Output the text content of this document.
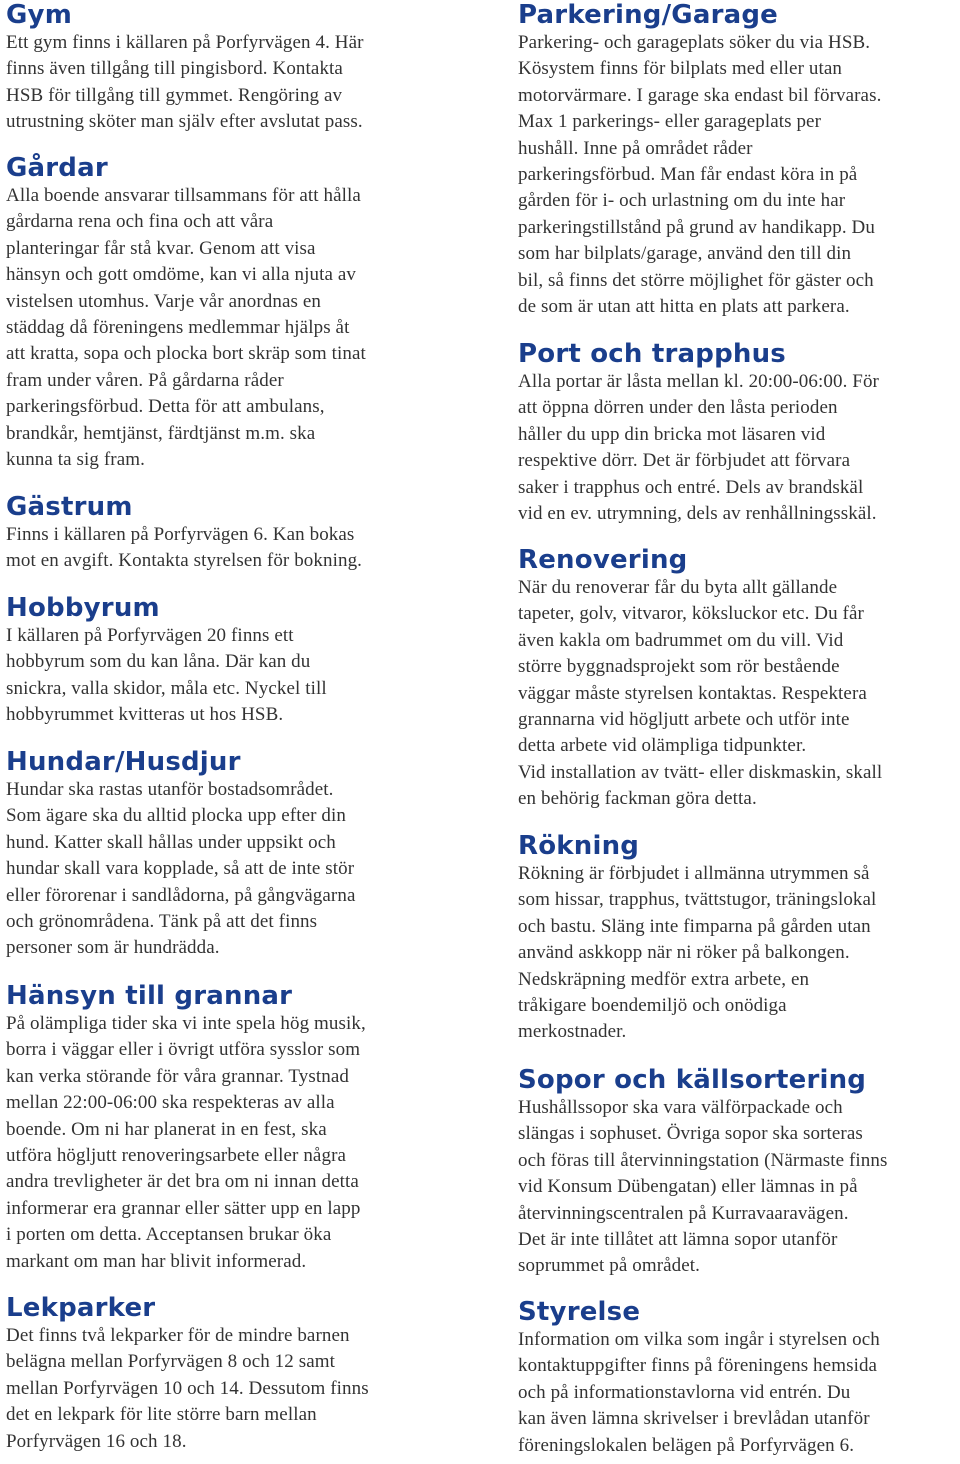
Gym

Ett gym finns i källaren på Porfyrvägen 4. Här
finns även tillgång till pingisbord. Kontakta
HSB för tillgång till gymmet. Rengöring av
utrustning sköter man själv efter avslutat pass.

Gårdar

Alla boende ansvarar tillsammans för att hålla
gårdarna rena och fina och att våra
planteringar får stå kvar. Genom att visa
hänsyn och gott omdöme, kan vi alla njuta av
vistelsen utomhus. Varje vår anordnas en
städdag då föreningens medlemmar hjälps åt
att kratta, sopa och plocka bort skräp som tinat
fram under våren. På gårdarna råder
parkeringsförbud. Detta för att ambulans,
brandkår, hemtjänst, färdtjänst m.m. ska
kunna ta sig fram.

Gästrum

Finns i källaren på Porfyrvägen 6. Kan bokas
mot en avgift. Kontakta styrelsen för bokning.

Hobbyrum

I källaren på Porfyrvägen 20 finns ett
hobbyrum som du kan låna. Där kan du
snickra, valla skidor, måla etc. Nyckel till
hobbyrummet kvitteras ut hos HSB.

Hundar/Husdjur

Hundar ska rastas utanför bostadsområdet.
Som ägare ska du alltid plocka upp efter din
hund. Katter skall hållas under uppsikt och
hundar skall vara kopplade, så att de inte stör
eller förorenar i sandlådorna, på gångvägarna
och grönområdena. Tänk på att det finns
personer som är hundrädda.

Hänsyn till grannar

På olämpliga tider ska vi inte spela hög musik,
borra i väggar eller i övrigt utföra sysslor som
kan verka störande för våra grannar. Tystnad
mellan 22:00-06:00 ska respekteras av alla
boende. Om ni har planerat in en fest, ska
utföra högljutt renoveringsarbete eller några
andra trevligheter är det bra om ni innan detta
informerar era grannar eller sätter upp en lapp
i porten om detta. Acceptansen brukar öka
markant om man har blivit informerad.

Lekparker

Det finns två lekparker för de mindre barnen
belägna mellan Porfyrvägen 8 och 12 samt
mellan Porfyrvägen 10 och 14. Dessutom finns
det en lekpark för lite större barn mellan
Porfyrvägen 16 och 18.

Parkering/Garage

Parkering- och garageplats söker du via HSB.
Kösystem finns för bilplats med eller utan
motorvärmare. I garage ska endast bil förvaras.
Max 1 parkerings- eller garageplats per
hushåll. Inne på området råder
parkeringsförbud. Man får endast köra in på
gården för i- och urlastning om du inte har
parkeringstillstånd på grund av handikapp. Du
som har bilplats/garage, använd den till din
bil, så finns det större möjlighet för gäster och
de som är utan att hitta en plats att parkera.

Port och trapphus

Alla portar är låsta mellan kl. 20:00-06:00. För
att öppna dörren under den låsta perioden
håller du upp din bricka mot läsaren vid
respektive dörr. Det är förbjudet att förvara
saker i trapphus och entré. Dels av brandskäl
vid en ev. utrymning, dels av renhållningsskäl.

Renovering

När du renoverar får du byta allt gällande
tapeter, golv, vitvaror, köksluckor etc. Du får
även kakla om badrummet om du vill. Vid
större byggnadsprojekt som rör bestående
väggar måste styrelsen kontaktas. Respektera
grannarna vid högljutt arbete och utför inte
detta arbete vid olämpliga tidpunkter.
Vid installation av tvätt- eller diskmaskin, skall
en behörig fackman göra detta.

Rökning

Rökning är förbjudet i allmänna utrymmen så
som hissar, trapphus, tvättstugor, träningslokal
och bastu. Släng inte fimparna på gården utan
använd askkopp när ni röker på balkongen.
Nedskräpning medför extra arbete, en
tråkigare boendemiljö och onödiga
merkostnader.

Sopor och källsortering

Hushållssopor ska vara välförpackade och
slängas i sophuset. Övriga sopor ska sorteras
och föras till återvinningstation (Närmaste finns
vid Konsum Dübengatan) eller lämnas in på
återvinningscentralen på Kurravaaravägen.
Det är inte tillåtet att lämna sopor utanför
soprummet på området.

Styrelse

Information om vilka som ingår i styrelsen och
kontaktuppgifter finns på föreningens hemsida
och på informationstavlorna vid entrén. Du
kan även lämna skrivelser i brevlådan utanför
föreningslokalen belägen på Porfyrvägen 6.
